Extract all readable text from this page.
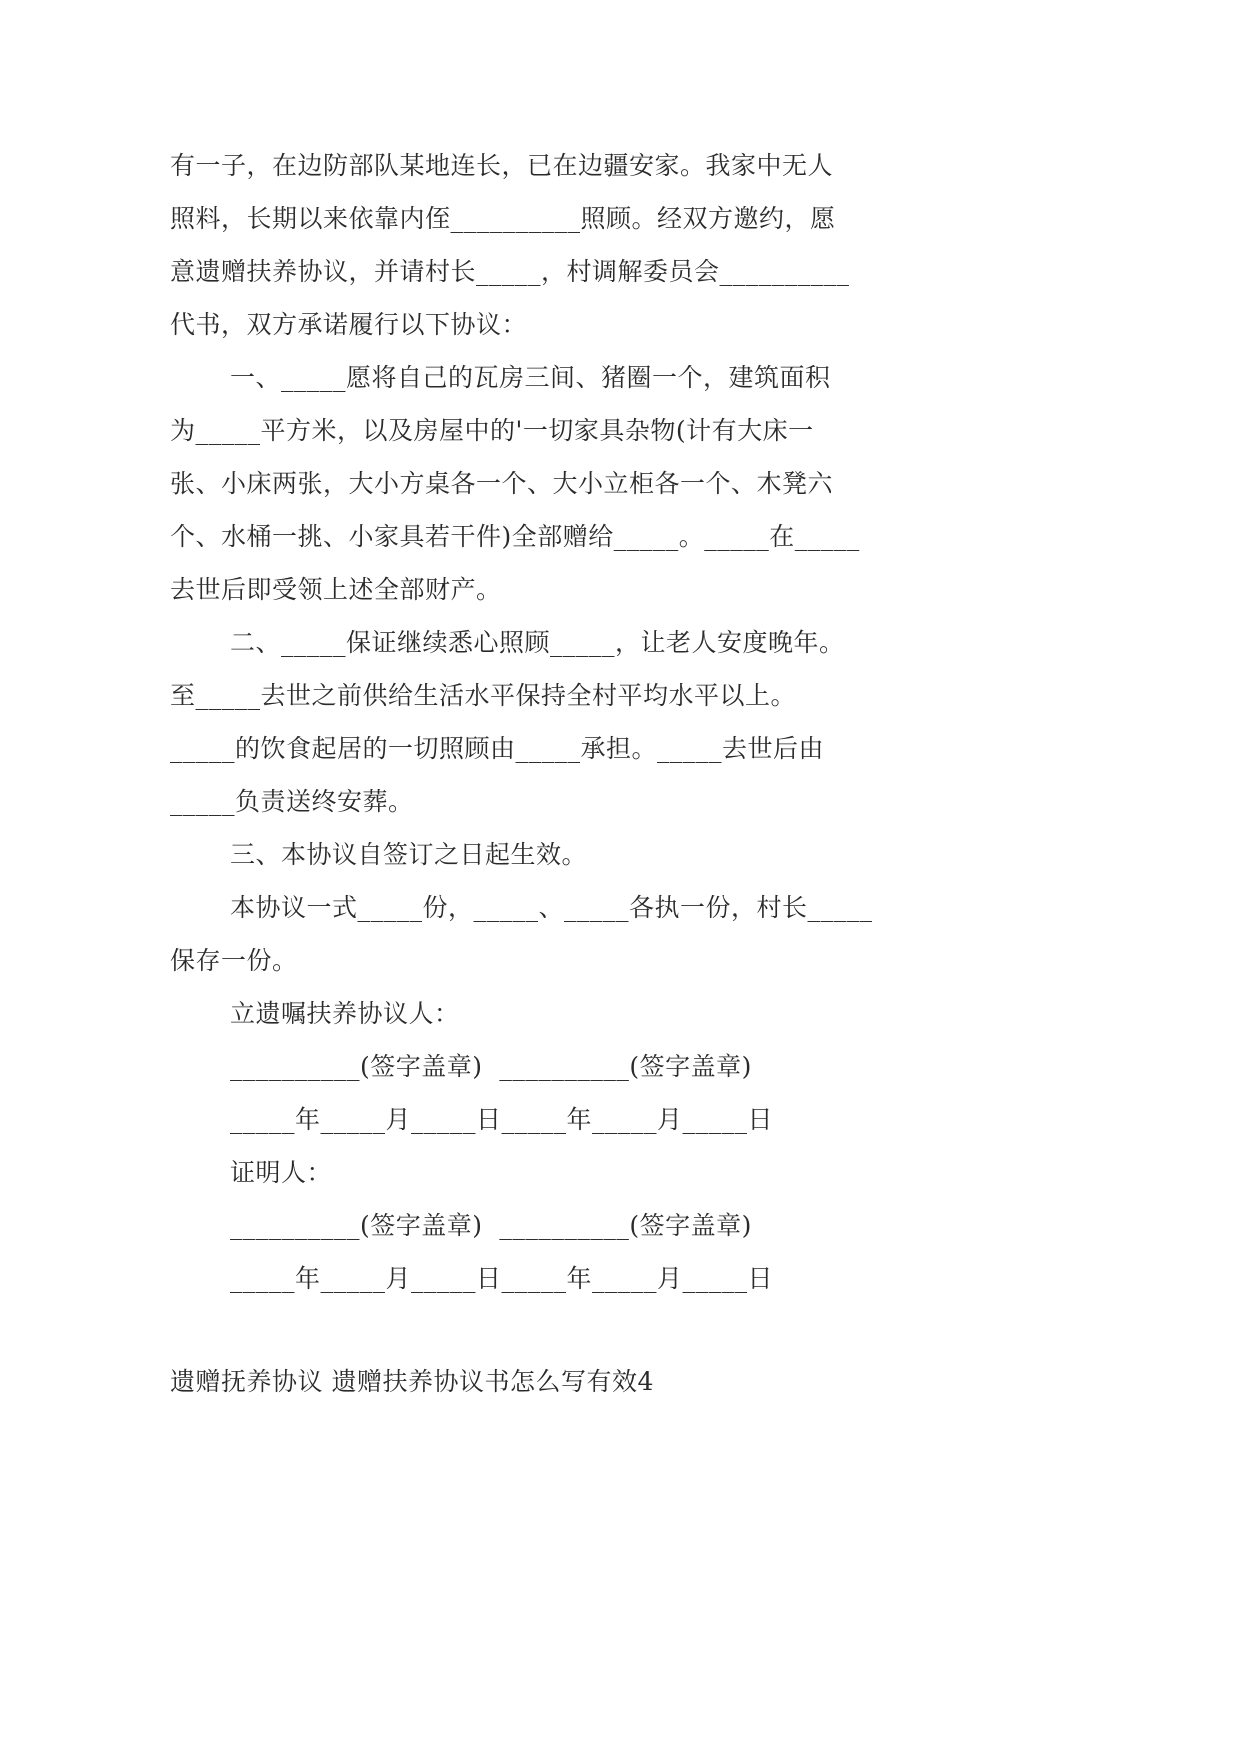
有一子，在边防部队某地连长，已在边疆安家。我家中无人
照料，长期以来依靠内侄__________照顾。经双方邀约，愿
意遗赠扶养协议，并请村长_____，村调解委员会__________
代书，双方承诺履行以下协议：
一、_____愿将自己的瓦房三间、猪圈一个，建筑面积
为_____平方米，以及房屋中的'一切家具杂物(计有大床一
张、小床两张，大小方桌各一个、大小立柜各一个、木凳六
个、水桶一挑、小家具若干件)全部赠给_____。_____在_____
去世后即受领上述全部财产。
二、_____保证继续悉心照顾_____，让老人安度晚年。
至_____去世之前供给生活水平保持全村平均水平以上。
_____的饮食起居的一切照顾由_____承担。_____去世后由
_____负责送终安葬。
三、本协议自签订之日起生效。
本协议一式_____份，_____、_____各执一份，村长_____
保存一份。
立遗嘱扶养协议人：
__________(签字盖章)  __________(签字盖章)
_____年_____月_____日_____年_____月_____日
证明人：
__________(签字盖章)  __________(签字盖章)
_____年_____月_____日_____年_____月_____日
遗赠抚养协议 遗赠扶养协议书怎么写有效4
